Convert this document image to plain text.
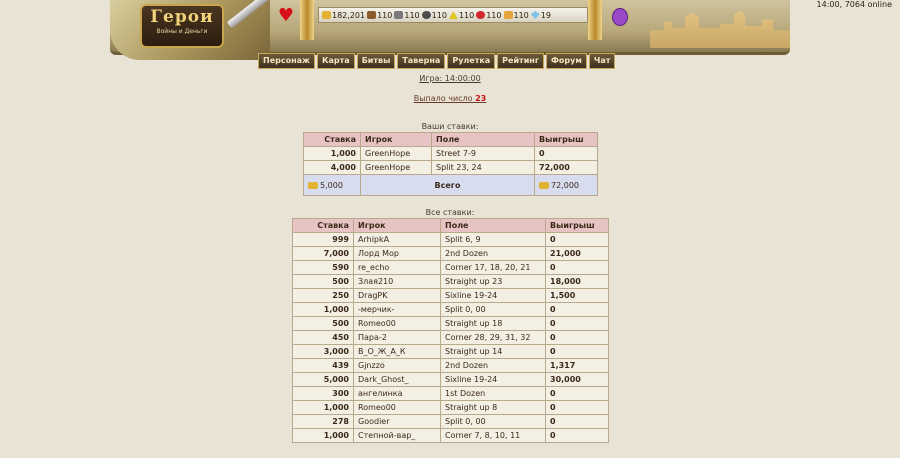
Герои
Войны и Деньги
♥	182,201 110 110 110 110 110 110 19
14:00, 7064 online
Персонаж	Карта	Битвы	Таверна	Рулетка	Рейтинг	Форум	Чат
Игра: 14:00:00
Выпало число 23
Ваши ставки:
Ставка	Игрок	Поле	Выигрыш
1,000	GreenHope	Street 7-9	0
4,000	GreenHope	Split 23, 24	72,000
5,000	Всего		72,000
Все ставки:
Ставка	Игрок	Поле	Выигрыш
999	ArhipkA	Split 6, 9	0
7,000	Лорд Мор	2nd Dozen	21,000
590	re_echo	Corner 17, 18, 20, 21	0
500	Злая210	Straight up 23	18,000
250	DragPK	Sixline 19-24	1,500
1,000	-мерчик-	Split 0, 00	0
500	Romeo00	Straight up 18	0
450	Пара-2	Corner 28, 29, 31, 32	0
3,000	В_О_Ж_А_К	Straight up 14	0
439	Gjnzzo	2nd Dozen	1,317
5,000	Dark_Ghost_	Sixline 19-24	30,000
300	ангелинка	1st Dozen	0
1,000	Romeo00	Straight up 8	0
278	Goodier	Split 0, 00	0
1,000	Степной-вар_	Corner 7, 8, 10, 11	0
